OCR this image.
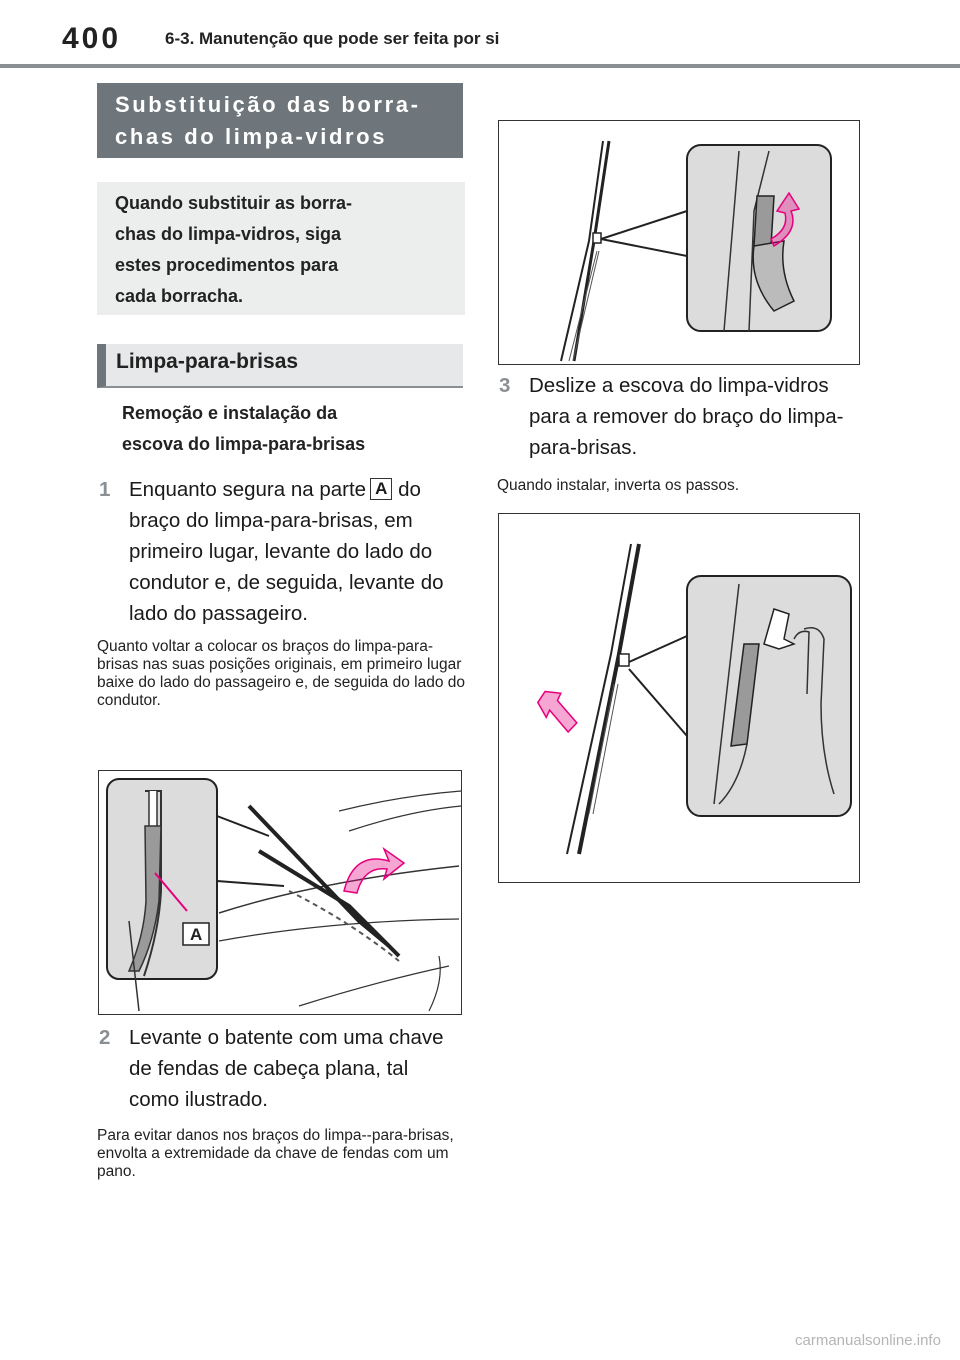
400	6-3. Manutenção que pode ser feita por si
Substituição das borra-
chas do limpa-vidros
Quando substituir as borra-
chas do limpa-vidros, siga
estes procedimentos para
cada borracha.
Limpa-para-brisas
Remoção e instalação da
escova do limpa-para-brisas
1 Enquanto segura na parte A do braço do limpa-para-brisas, em primeiro lugar, levante do lado do condutor e, de seguida, levante do lado do passageiro.
Quanto voltar a colocar os braços do limpa-para-brisas nas suas posições originais, em primeiro lugar baixe do lado do passageiro e, de seguida do lado do condutor.
A
2 Levante o batente com uma chave de fendas de cabeça plana, tal como ilustrado.
Para evitar danos nos braços do limpa--para-brisas, envolta a extremidade da chave de fendas com um pano.
3 Deslize a escova do limpa-vidros para a remover do braço do limpa-para-brisas.
Quando instalar, inverta os passos.
carmanualsonline.info
